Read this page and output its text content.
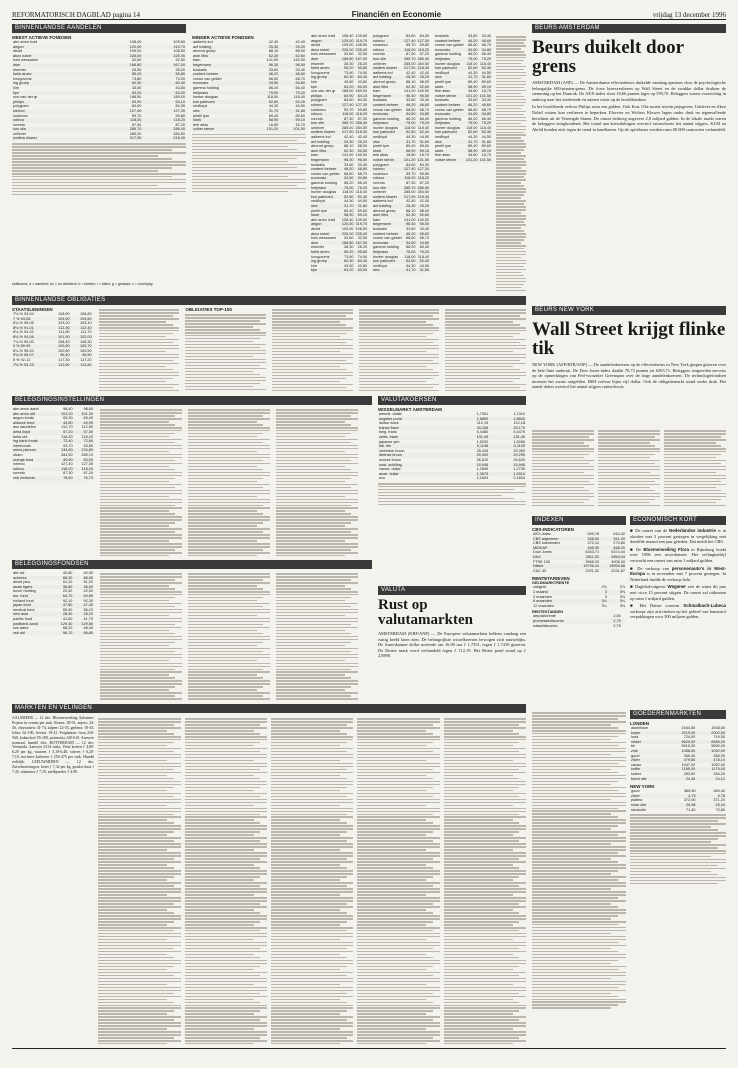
REFORMATORISCH DAGBLAD pagina 14	Financiën en Economie	vrijdag 13 december 1996
BINNENLANDSE AANDELEN
MEEST ACTIEVE FONDSEN
abn amro hold	108,40	109,60
aegon	120,00	119,70
ahold	109,00	108,50
akzo nobel	226,00	225,40
bols wessanen	32,60	32,50
dsm	166,80	167,00
elsevier	28,30	28,20
fortis amev	55,20	55,80
hoogovens	73,80	74,00
ing groep	60,30	60,40
klm	43,50	43,80
kpn	63,20	63,00
oce-van der gr	188,50	189,00
philips	63,90	64,10
polygram	84,60	84,30
robeco	127,40	127,30
rodamco	59,70	59,80
rolinco	118,00	118,20
rorento	87,30	87,20
kon olie	285,70	286,40
unilever	285,00	284,50
wolters kluwer	217,90	218,30
MINDER ACTIEVE FONDSEN
aalberts ind	42,40	42,40
acf holding	25,30	25,20
ahrend groep	88,10	88,00
asm litho	52,30	52,60
bam	141,00	140,50
begemann	96,30	96,50
boskalis	33,60	33,40
content beheer	46,20	46,60
crown van gelder	68,60	68,70
econosto	34,50	34,80
gamma holding	66,20	66,40
heijmans	75,00	75,20
hunter douglas	118,00	118,40
kon pakhoed	52,60	52,40
nedlloyd	44,30	44,50
otra	31,70	31,60
pirelli tyre	89,40	89,60
stork	58,90	59,10
tele atlas	16,80	16,70
volker stevin	101,20	101,50
abn amro hold	108,40	109,60
aegon	120,00	119,70
ahold	109,00	108,50
akzo nobel	226,00	225,40
bols wessanen	32,60	32,50
dsm	166,80	167,00
elsevier	28,30	28,20
fortis amev	55,20	55,80
hoogovens	73,80	74,00
ing groep	60,30	60,40
klm	43,50	43,80
kpn	63,20	63,00
oce-van der gr	188,50	189,00
philips	63,90	64,10
polygram	84,60	84,30
robeco	127,40	127,30
rodamco	59,70	59,80
rolinco	118,00	118,20
rorento	87,30	87,20
kon olie	285,70	286,40
unilever	285,00	284,50
wolters kluwer	217,90	218,30
aalberts ind	42,40	42,40
acf holding	25,30	25,20
ahrend groep	88,10	88,00
asm litho	52,30	52,60
bam	141,00	140,50
begemann	96,30	96,50
boskalis	33,60	33,40
content beheer	46,20	46,60
crown van gelder	68,60	68,70
econosto	34,50	34,80
gamma holding	66,20	66,40
heijmans	75,00	75,20
hunter douglas	118,00	118,40
kon pakhoed	52,60	52,40
nedlloyd	44,30	44,50
otra	31,70	31,60
pirelli tyre	89,40	89,60
stork	58,90	59,10
abn amro hold	108,40	109,60
aegon	120,00	119,70
ahold	109,00	108,50
akzo nobel	226,00	225,40
bols wessanen	32,60	32,50
dsm	166,80	167,00
elsevier	28,30	28,20
fortis amev	55,20	55,80
hoogovens	73,80	74,00
ing groep	60,30	60,40
klm	43,50	43,80
kpn	63,20	63,00
polygram	84,60	84,30
robeco	127,40	127,30
rodamco	59,70	59,80
rolinco	118,00	118,20
rorento	87,30	87,20
kon olie	285,70	286,40
unilever	285,00	284,50
wolters kluwer	217,90	218,30
aalberts ind	42,40	42,40
acf holding	25,30	25,20
ahrend groep	88,10	88,00
asm litho	52,30	52,60
bam	141,00	140,50
begemann	96,30	96,50
boskalis	33,60	33,40
content beheer	46,20	46,60
crown van gelder	68,60	68,70
econosto	34,50	34,80
gamma holding	66,20	66,40
heijmans	75,00	75,20
hunter douglas	118,00	118,40
kon pakhoed	52,60	52,40
nedlloyd	44,30	44,50
otra	31,70	31,60
pirelli tyre	89,40	89,60
stork	58,90	59,10
tele atlas	16,80	16,70
volker stevin	101,20	101,50
polygram	84,60	84,30
robeco	127,40	127,30
rodamco	59,70	59,80
rolinco	118,00	118,20
rorento	87,30	87,20
kon olie	285,70	286,40
unilever	285,00	284,50
wolters kluwer	217,90	218,30
aalberts ind	42,40	42,40
acf holding	25,30	25,20
ahrend groep	88,10	88,00
asm litho	52,30	52,60
bam	141,00	140,50
begemann	96,30	96,50
boskalis	33,60	33,40
content beheer	46,20	46,60
crown van gelder	68,60	68,70
econosto	34,50	34,80
gamma holding	66,20	66,40
heijmans	75,00	75,20
hunter douglas	118,00	118,40
kon pakhoed	52,60	52,40
nedlloyd	44,30	44,50
otra	31,70	31,60
boskalis	33,60	33,40
content beheer	46,20	46,60
crown van gelder	68,60	68,70
econosto	34,50	34,80
gamma holding	66,20	66,40
heijmans	75,00	75,20
hunter douglas	118,00	118,40
kon pakhoed	52,60	52,40
nedlloyd	44,30	44,50
otra	31,70	31,60
pirelli tyre	89,40	89,60
stork	58,90	59,10
tele atlas	16,80	16,70
volker stevin	101,20	101,50
boskalis	33,60	33,40
content beheer	46,20	46,60
crown van gelder	68,60	68,70
econosto	34,50	34,80
gamma holding	66,20	66,40
heijmans	75,00	75,20
hunter douglas	118,00	118,40
kon pakhoed	52,60	52,40
nedlloyd	44,30	44,50
otra	31,70	31,60
pirelli tyre	89,40	89,60
stork	58,90	59,10
tele atlas	16,80	16,70
volker stevin	101,20	101,50
sluitkoers; a = aandeel; ex = ex-dividend; b = bieden; l = laten; g = gedaan; v = voorlopig
BINNENLANDSE OBLIGATIES
STAATSLENINGEN
7½-% 93-04	108,90	108,80
7 % 93-08	104,50	104,60
6¾-% 95-05	103,20	103,10
8½-% 91-01	112,30	112,40
8¼-% 92-02	111,80	111,70
6½-% 94-06	101,90	102,00
7¾-% 90-00	108,40	108,30
9 % 89-99	109,60	109,70
6¼-% 95-04	100,80	100,90
5¾-% 96-07	96,40	96,50
8 % 92-12	117,30	117,20
7½-% 93-23	112,60	112,80
OBLIGATIES TOP-100
BELEGGINGSINSTELLINGEN
abn amro aand	98,40	98,60
abn amro obl	101,20	101,30
aegon fonds	65,30	65,40
alliance fund	44,80	44,90
asn aandelen	112,70	112,90
delta lloyd	57,20	57,30
fortis obl	118,30	118,20
ing bank fonds	72,40	72,60
interbonds	93,70	93,80
mees pierson	134,60	134,80
obam	284,50	285,10
orange fund	49,90	50,00
robeco	127,40	127,30
rolinco	118,00	118,20
rorento	87,30	87,20
vsb mixfonds	76,50	76,70
BELEGGINGSFONDSEN
abf obl	40,80	40,90
achmea	88,30	88,50
ahold plus	51,10	51,20
asian tigers	36,80	36,60
bever holding	22,40	22,50
eur. fund	64,70	64,80
holland fund	92,10	92,30
japan fund	47,60	47,40
medical fund	55,90	56,10
new asia	28,30	28,20
pacific fund	41,60	41,70
postbank aand	129,40	129,80
sns aand	68,20	68,40
vsb obl	96,70	96,80
VALUTAKOERSEN
WISSELMARKT AMSTERDAM
amerik. dollar	1,7351	1,7410
engelse pond	2,8890	2,8840
duitse mark	112,19	112,18
franse franc	33,165	33,170
belg. frank	5,4480	5,4475
zwits. frank	131,49	131,40
japanse yen	1,5232	1,5265
ital. lire	0,1138	0,1139
zweedse kroon	25,415	25,390
deense kroon	29,300	29,295
noorse kroon	26,610	26,620
oost. schilling	15,946	15,945
canad. dollar	1,2695	1,2735
austr. dollar	1,3875	1,3910
ecu	2,1603	2,1604
VALUTA
Rust op valutamarkten
AMSTERDAM (KRF/ANP) — De Europese valutamarkten hebben vandaag een rustig beeld laten zien. De belangrijkste wisselkoersen bewogen zich nauwelijks. De Amerikaanse dollar noteerde om 16.00 uur ƒ 1,7351, tegen ƒ 1,7410 gisteren. De Duitse mark werd verhandeld tegen ƒ 112,19. Het Britse pond stond op ƒ 2,8890.
MARKTEN EN VELINGEN
AALSMEER — 12 dec. Bloemenveiling Aalsmeer. Prijzen in centen per stuk. Rozen: 28-91, anjers: 24-46, chrysanten: 31-74, tulpen: 22-53, gerbera: 18-45, lelies: 62-190, freesia: 19-41. Potplanten: ficus 220-560, kalanchoë 95-180, poinsettia 240-610. Aanvoer normaal, handel vlot. ROTTERDAM — 12 dec. Veemarkt. Aanvoer 3214 stuks. Vette koeien ƒ 4,80-6,20 per kg, vaarzen ƒ 5,10-6,40, stieren ƒ 6,20-7,10, nuchtere kalveren ƒ 250-475 per stuk. Handel redelijk. LEEUWARDEN — 12 dec. Zuivelnoteringen: boter ƒ 7,32 per kg, goudse kaas ƒ 7,45, edammer ƒ 7,10, melkpoeder ƒ 4,98.
BEURS AMSTERDAM
Beurs duikelt door grens
AMSTERDAM (ANP) — De Amsterdamse effectenbeurs duikelde vandaag opnieuw door de psychologische belangrijke 600-punten-grens. De forse koersverliezen op Wall Street en de zwakke dollar drukten de stemming op het Damrak. De AEX-index sloot 10,66 punten lager op 599,76. Beleggers waren voorzichtig in aanloop naar het weekeinde en namen winst op de hoofdfondsen.
In het hoofdfonds verloor Philips ruim een gulden. Ook Kon. Olie moest terrein prijsgeven. Unilever en Akzo Nobel wisten hun verliezen te beperken. Elsevier en Wolters Kluwer lagen onder druk na tegenvallende berichten uit de Verenigde Staten. De omzet bedroeg ongeveer 2,8 miljard gulden. In de lokale markt waren de beleggers terughoudend. Het totaal aan koersdalingen overtrof ruimschoots het aantal stijgers. KLM en Ahold konden zich tegen de trend in handhaven. Op de optiebeurs werden ruim 80.000 contracten verhandeld.
BEURS NEW YORK
Wall Street krijgt flinke tik
NEW YORK (AFP/RTR/ANP) — De aandelenkoersen op de effectenbeurs in New York gingen gisteren over de hele linie onderuit. De Dow Jones-index daalde 70,73 punten tot 6303,71. Beleggers reageerden nerveus op de opmerkingen van Fed-voorzitter Greenspan over de hoge aandelenkoersen. De technologiefondsen moesten het zwaar ontgelden. IBM verloor bijna vijf dollar. Ook de obligatiemarkt stond onder druk. Het aantal dalers overtrof het aantal stijgers ruimschoots.
INDEXEN
CBS-INDICATOREN
AEX-index	599,76	610,42
CBS algemeen	338,60	341,90
CBS koersindex	272,10	274,80
MIDKAP	465,30	468,20
Dow Jones	6303,71	6374,44
DAX	2811,52	2854,04
FTSE 100	3965,20	4008,30
Nikkei	19795,44	19994,68
CAC 40	2201,32	2231,87
RENTETARIEVEN
GELDMARKTRENTE
callgeld	2¾	2⅞
1 maand	3	3⅛
3 maanden	3	3⅛
6 maanden	3⅛	3¼
12 maanden	3¼	3⅜
RENTESTANDEN
depositorente	2,50	
promessedisconto	2,75	
wisseldisconto	2,75	
ECONOMISCH KORT
■ De omzet van de Nederlandse industrie is in oktober met 5 procent gestegen in vergelijking met dezelfde maand een jaar geleden. Dat meldt het CBS.
■ De Bloemenveiling Flora in Rijnsburg boekt over 1996 een recordomzet. Het veilingbedrijf verwacht een omzet van ruim 1 miljard gulden.
■ De verkoop van personenauto's in West-Europa is in november met 7 procent gestegen. In Nederland daalde de verkoop licht.
■ Dagblad-uitgever Wegener ziet de winst dit jaar met circa 15 procent stijgen. De omzet zal uitkomen op ruim 1 miljard gulden.
■ Het Duitse concern Schmalbach-Lubeca verkoopt zijn activiteiten op het gebied van kunststof verpakkingen voor 300 miljoen gulden.
GOEDERENMARKTEN
LONDEN
aluminium	1544,50	1538,00
koper	2019,00	2002,50
lood	724,00	719,50
nikkel	6620,00	6585,00
tin	5915,00	5890,00
zink	1058,50	1052,00
goud	369,40	368,90
zilver	479,60	478,10
cacao	1047,00	1052,00
koffie	1185,00	1179,00
suiker	283,50	284,20
brent olie	24,45	24,12
NEW YORK
goud	369,80	369,40
zilver	4,79	4,78
platina	372,60	371,20
ruwe olie	25,58	25,34
stookolie	71,40	70,80
